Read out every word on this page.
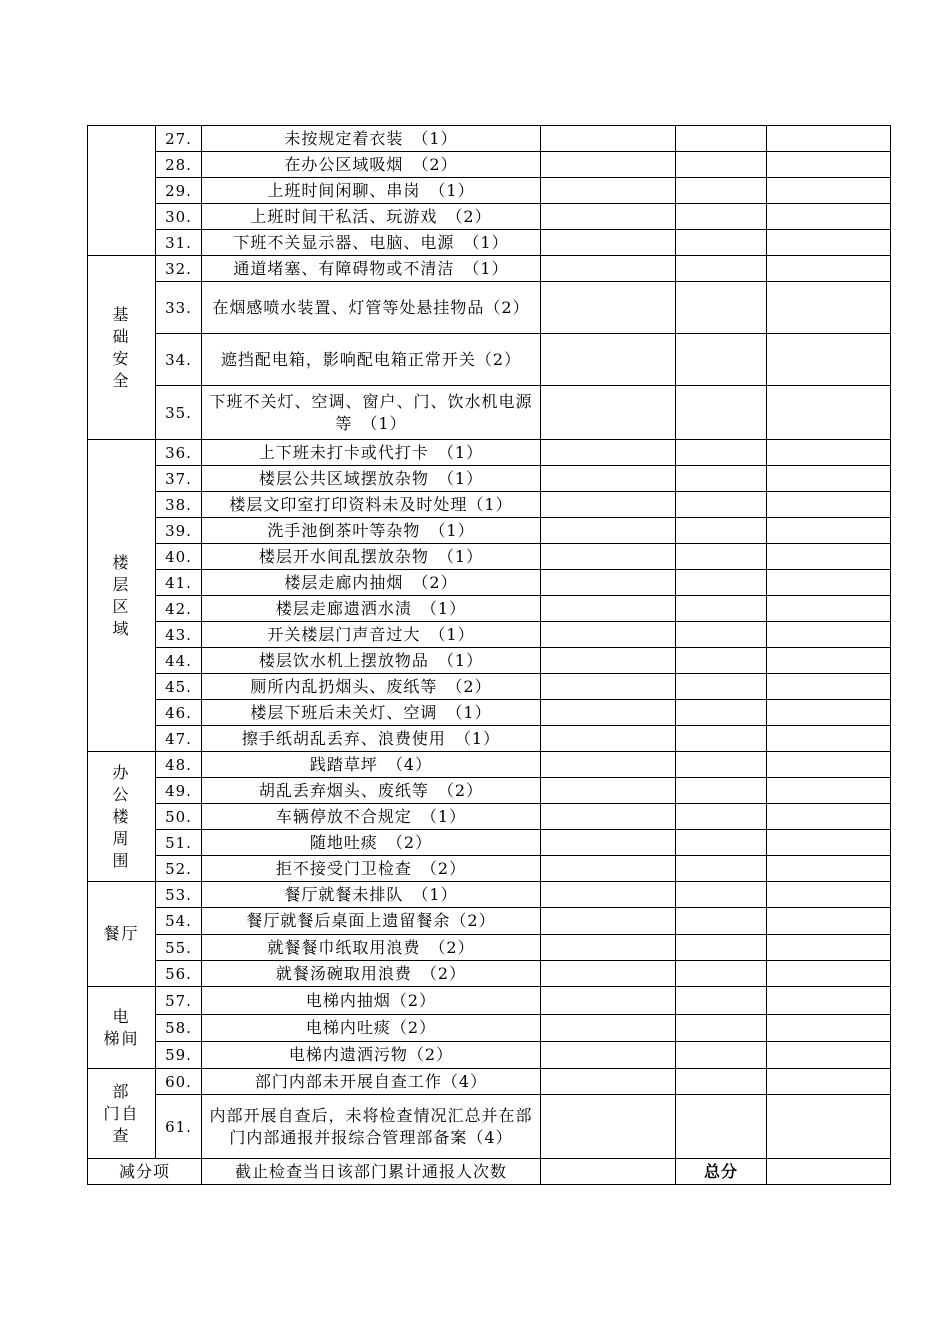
	27.	未按规定着衣装　（1）			
	28.	在办公区域吸烟　（2）			
	29.	上班时间闲聊、串岗　（1）			
	30.	上班时间干私活、玩游戏　（2）			
	31.	下班不关显示器、电脑、电源　（1）			

基础安全	32.	通道堵塞、有障碍物或不清洁　（1）			
	33.	在烟感喷水装置、灯管等处悬挂物品（2）			
	34.	遮挡配电箱，影响配电箱正常开关（2）			
	35.	下班不关灯、空调、窗户、门、饮水机电源等　（1）			

楼层区域	36.	上下班未打卡或代打卡　（1）			
	37.	楼层公共区域摆放杂物　（1）			
	38.	楼层文印室打印资料未及时处理（1）			
	39.	洗手池倒茶叶等杂物　（1）			
	40.	楼层开水间乱摆放杂物　（1）			
	41.	楼层走廊内抽烟　（2）			
	42.	楼层走廊遗洒水渍　（1）			
	43.	开关楼层门声音过大　（1）			
	44.	楼层饮水机上摆放物品　（1）			
	45.	厕所内乱扔烟头、废纸等　（2）			
	46.	楼层下班后未关灯、空调　（1）			
	47.	擦手纸胡乱丢弃、浪费使用　（1）			

办公楼周围	48.	践踏草坪　（4）			
	49.	胡乱丢弃烟头、废纸等　（2）			
	50.	车辆停放不合规定　（1）			
	51.	随地吐痰　（2）			
	52.	拒不接受门卫检查　（2）			

餐厅	53.	餐厅就餐未排队　（1）			
	54.	餐厅就餐后桌面上遗留餐余（2）			
	55.	就餐餐巾纸取用浪费　（2）			
	56.	就餐汤碗取用浪费　（2）			

电　梯间	57.	电梯内抽烟（2）			
	58.	电梯内吐痰（2）			
	59.	电梯内遗洒污物（2）			

部　门自查	60.	部门内部未开展自查工作（4）			
	61.	内部开展自查后，未将检查情况汇总并在部门内部通报并报综合管理部备案（4）			
减分项		截止检查当日该部门累计通报人次数		总分	
